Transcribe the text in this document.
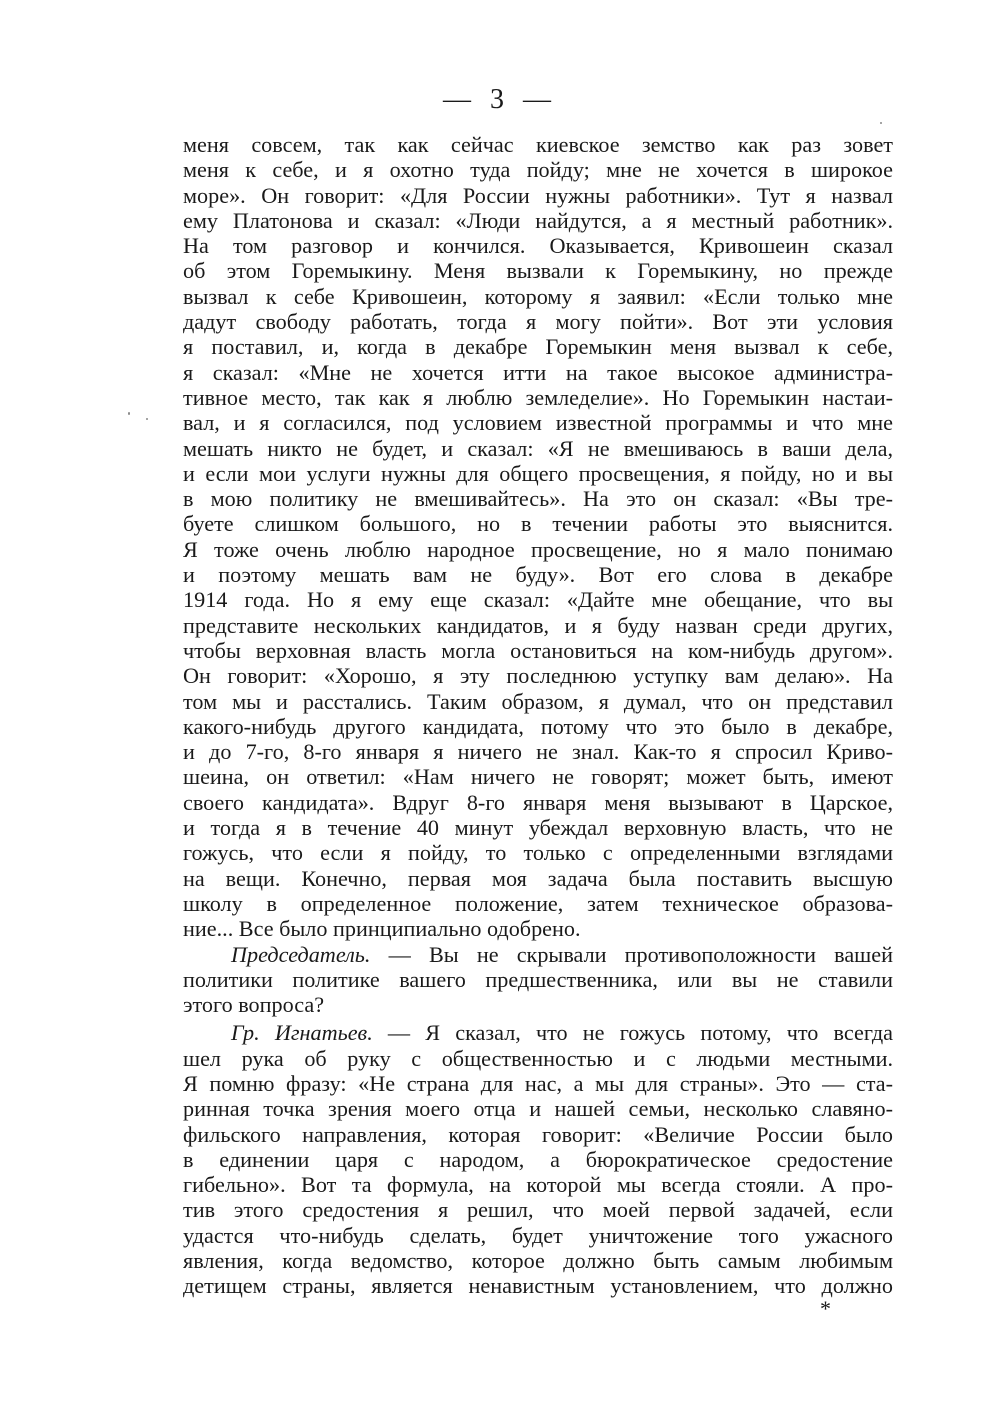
— 3 —
меня совсем, так как сейчас киевское земство как раз зовет
меня к себе, и я охотно туда пойду; мне не хочется в широкое
море». Он говорит: «Для России нужны работники». Тут я назвал
ему Платонова и сказал: «Люди найдутся, а я местный работник».
На том разговор и кончился. Оказывается, Кривошеин сказал
об этом Горемыкину. Меня вызвали к Горемыкину, но прежде
вызвал к себе Кривошеин, которому я заявил: «Если только мне
дадут свободу работать, тогда я могу пойти». Вот эти условия
я поставил, и, когда в декабре Горемыкин меня вызвал к себе,
я сказал: «Мне не хочется итти на такое высокое администра-
тивное место, так как я люблю земледелие». Но Горемыкин настаи-
вал, и я согласился, под условием известной программы и что мне
мешать никто не будет, и сказал: «Я не вмешиваюсь в ваши дела,
и если мои услуги нужны для общего просвещения, я пойду, но и вы
в мою политику не вмешивайтесь». На это он сказал: «Вы тре-
буете слишком большого, но в течении работы это выяснится.
Я тоже очень люблю народное просвещение, но я мало понимаю
и поэтому мешать вам не буду». Вот его слова в декабре
1914 года. Но я ему еще сказал: «Дайте мне обещание, что вы
представите нескольких кандидатов, и я буду назван среди других,
чтобы верховная власть могла остановиться на ком-нибудь другом».
Он говорит: «Хорошо, я эту последнюю уступку вам делаю». На
том мы и расстались. Таким образом, я думал, что он представил
какого-нибудь другого кандидата, потому что это было в декабре,
и до 7-го, 8-го января я ничего не знал. Как-то я спросил Криво-
шеина, он ответил: «Нам ничего не говорят; может быть, имеют
своего кандидата». Вдруг 8-го января меня вызывают в Царское,
и тогда я в течение 40 минут убеждал верховную власть, что не
гожусь, что если я пойду, то только с определенными взглядами
на вещи. Конечно, первая моя задача была поставить высшую
школу в определенное положение, затем техническое образова-
ние... Все было принципиально одобрено.
Председатель. — Вы не скрывали противоположности вашей
политики политике вашего предшественника, или вы не ставили
этого вопроса?
Гр. Игнатьев. — Я сказал, что не гожусь потому, что всегда
шел рука об руку с общественностью и с людьми местными.
Я помню фразу: «Не страна для нас, а мы для страны». Это — ста-
ринная точка зрения моего отца и нашей семьи, несколько славяно-
фильского направления, которая говорит: «Величие России было
в единении царя с народом, а бюрократическое средостение
гибельно». Вот та формула, на которой мы всегда стояли. А про-
тив этого средостения я решил, что моей первой задачей, если
удастся что-нибудь сделать, будет уничтожение того ужасного
явления, когда ведомство, которое должно быть самым любимым
детищем страны, является ненавистным установлением, что должно
*
